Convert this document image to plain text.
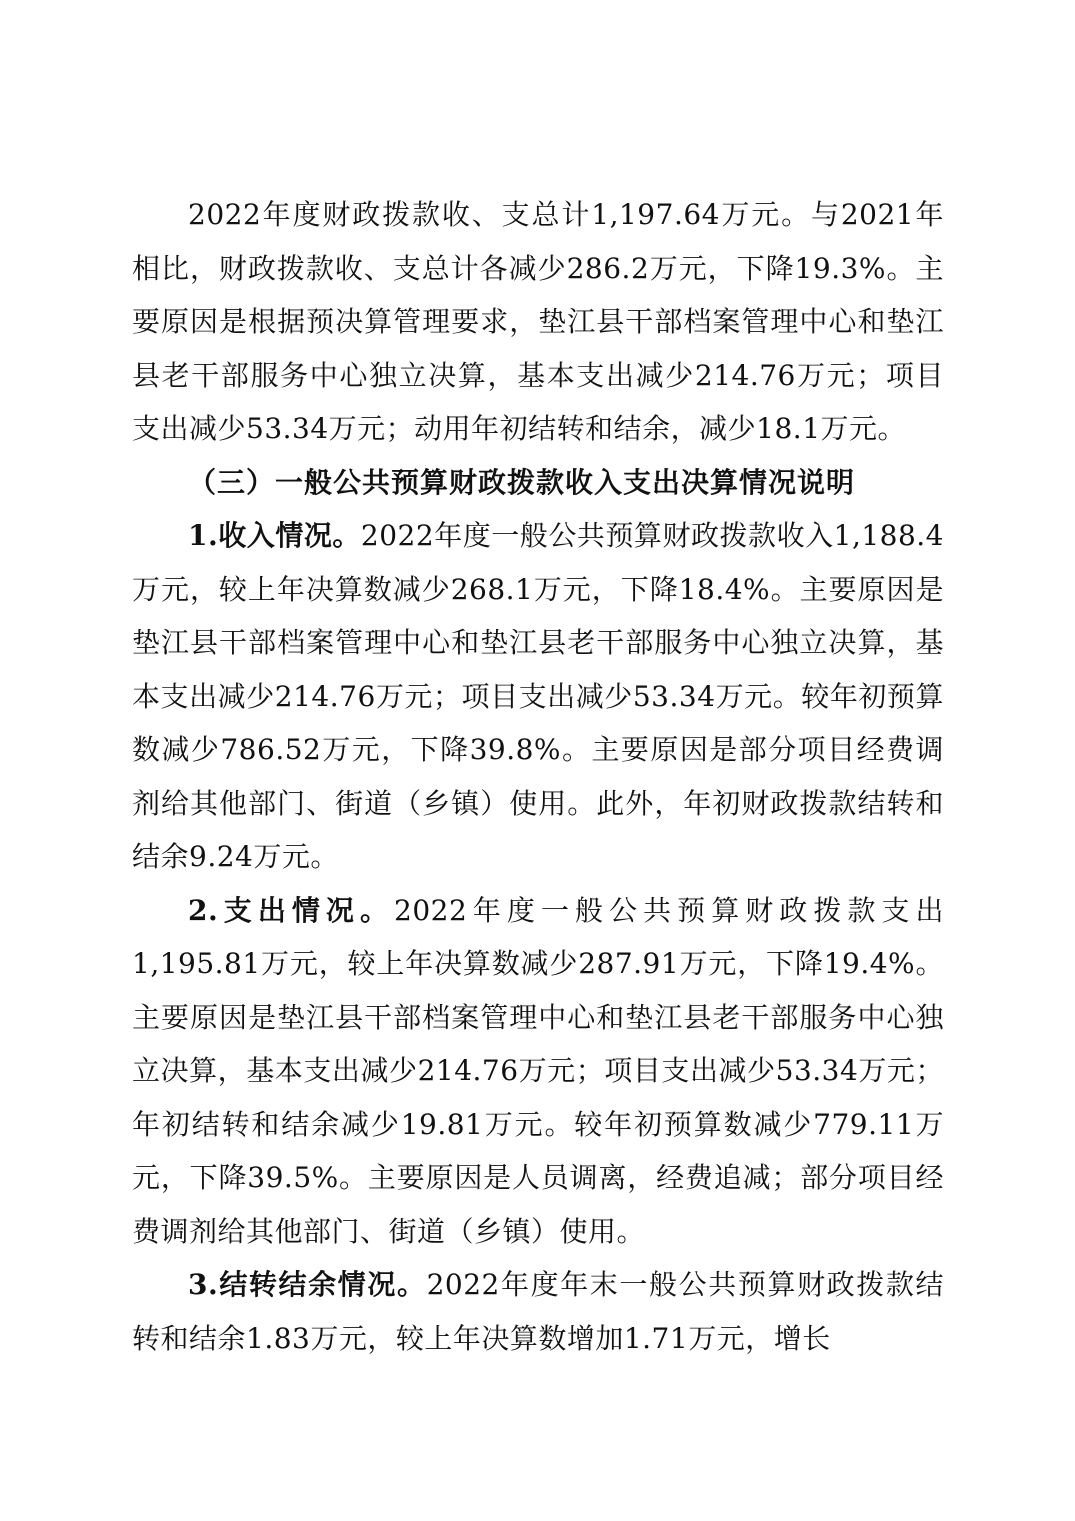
2022年度财政拨款收、支总计1,197.64万元。与2021年相比，财政拨款收、支总计各减少286.2万元，下降19.3%。主要原因是根据预决算管理要求，垫江县干部档案管理中心和垫江县老干部服务中心独立决算，基本支出减少214.76万元；项目支出减少53.34万元；动用年初结转和结余，减少18.1万元。

（三）一般公共预算财政拨款收入支出决算情况说明

1.收入情况。2022年度一般公共预算财政拨款收入1,188.4万元，较上年决算数减少268.1万元，下降18.4%。主要原因是垫江县干部档案管理中心和垫江县老干部服务中心独立决算，基本支出减少214.76万元；项目支出减少53.34万元。较年初预算数减少786.52万元，下降39.8%。主要原因是部分项目经费调剂给其他部门、街道（乡镇）使用。此外，年初财政拨款结转和结余9.24万元。

2.支出情况。2022年度一般公共预算财政拨款支出1,195.81万元，较上年决算数减少287.91万元，下降19.4%。主要原因是垫江县干部档案管理中心和垫江县老干部服务中心独立决算，基本支出减少214.76万元；项目支出减少53.34万元；年初结转和结余减少19.81万元。较年初预算数减少779.11万元，下降39.5%。主要原因是人员调离，经费追减；部分项目经费调剂给其他部门、街道（乡镇）使用。

3.结转结余情况。2022年度年末一般公共预算财政拨款结转和结余1.83万元，较上年决算数增加1.71万元，增长
